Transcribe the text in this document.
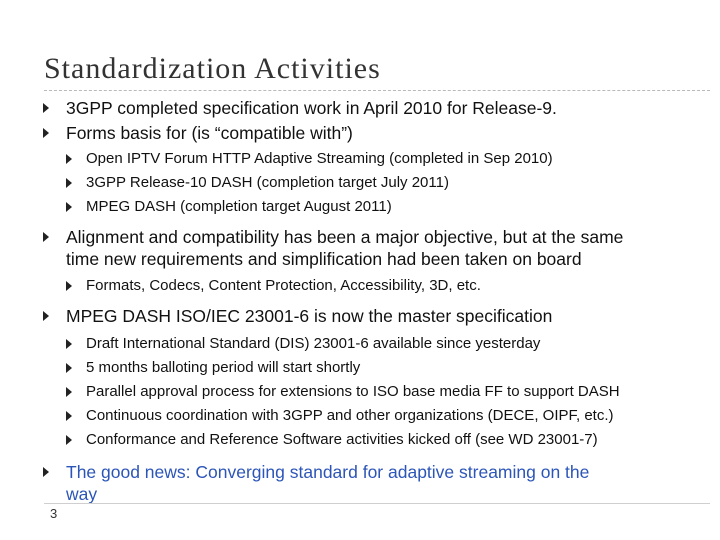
Standardization Activities
3GPP completed specification work in April 2010 for Release-9.
Forms basis for (is “compatible with”)
Open IPTV Forum HTTP Adaptive Streaming (completed in Sep 2010)
3GPP Release-10 DASH (completion target July 2011)
MPEG DASH (completion target August 2011)
Alignment and compatibility has been a major objective, but at the same
time new requirements and simplification had been taken on board
Formats, Codecs, Content Protection, Accessibility, 3D, etc.
MPEG DASH ISO/IEC 23001-6 is now the master specification
Draft International Standard (DIS) 23001-6 available since yesterday
5 months balloting period will start shortly
Parallel approval process for extensions to ISO base media FF to support DASH
Continuous coordination with 3GPP and other organizations (DECE, OIPF, etc.)
Conformance and Reference Software activities kicked off (see WD 23001-7)
The good news: Converging standard for adaptive streaming on the
way
3
